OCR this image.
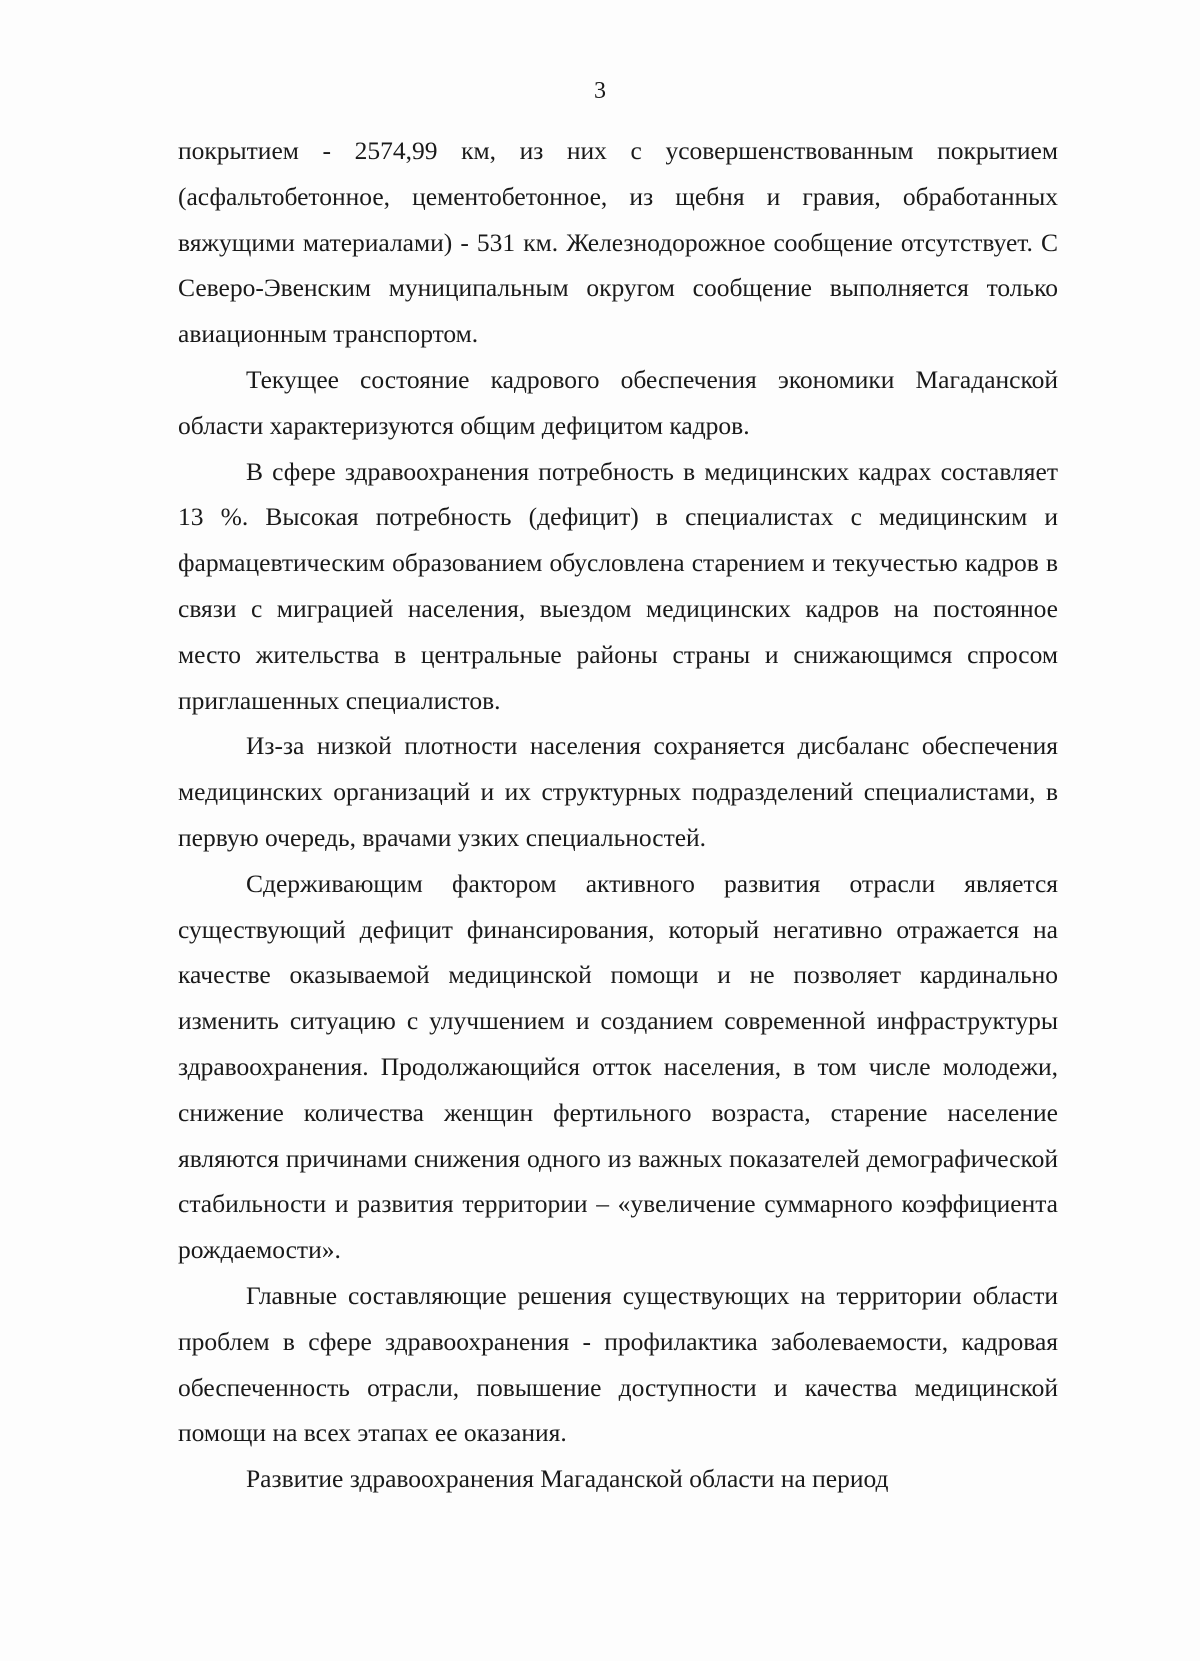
3

покрытием - 2574,99 км, из них с усовершенствованным покрытием (асфальтобетонное, цементобетонное, из щебня и гравия, обработанных вяжущими материалами) - 531 км. Железнодорожное сообщение отсутствует. С Северо-Эвенским муниципальным округом сообщение выполняется только авиационным транспортом.

Текущее состояние кадрового обеспечения экономики Магаданской области характеризуются общим дефицитом кадров.

В сфере здравоохранения потребность в медицинских кадрах составляет 13 %. Высокая потребность (дефицит) в специалистах с медицинским и фармацевтическим образованием обусловлена старением и текучестью кадров в связи с миграцией населения, выездом медицинских кадров на постоянное место жительства в центральные районы страны и снижающимся спросом приглашенных специалистов.

Из-за низкой плотности населения сохраняется дисбаланс обеспечения медицинских организаций и их структурных подразделений специалистами, в первую очередь, врачами узких специальностей.

Сдерживающим фактором активного развития отрасли является существующий дефицит финансирования, который негативно отражается на качестве оказываемой медицинской помощи и не позволяет кардинально изменить ситуацию с улучшением и созданием современной инфраструктуры здравоохранения. Продолжающийся отток населения, в том числе молодежи, снижение количества женщин фертильного возраста, старение население являются причинами снижения одного из важных показателей демографической стабильности и развития территории – «увеличение суммарного коэффициента рождаемости».

Главные составляющие решения существующих на территории области проблем в сфере здравоохранения - профилактика заболеваемости, кадровая обеспеченность отрасли, повышение доступности и качества медицинской помощи на всех этапах ее оказания.

Развитие здравоохранения Магаданской области на период
